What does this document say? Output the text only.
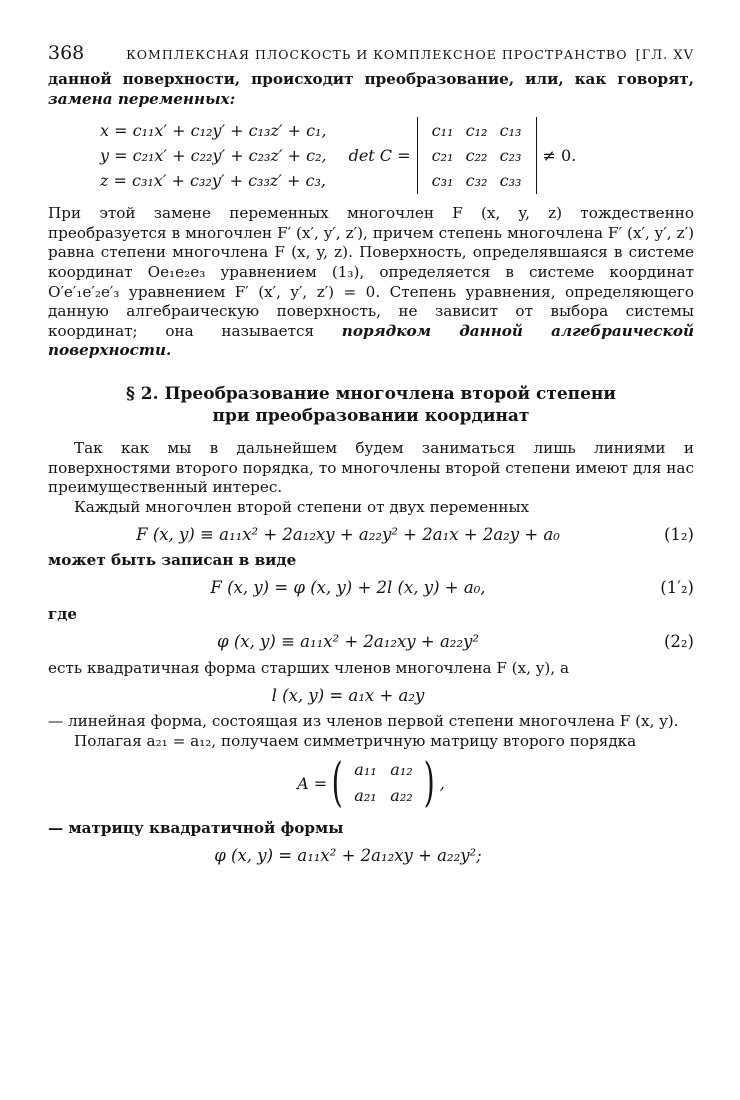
368	КОМПЛЕКСНАЯ ПЛОСКОСТЬ И КОМПЛЕКСНОЕ ПРОСТРАНСТВО [ГЛ. XV

данной поверхности, происходит преобразование, или, как говорят, замена переменных:

x = c₁₁x′ + c₁₂y′ + c₁₃z′ + c₁,
y = c₂₁x′ + c₂₂y′ + c₂₃z′ + c₂,
z = c₃₁x′ + c₃₂y′ + c₃₃z′ + c₃,
det C =
c₁₁ c₁₂ c₁₃
c₂₁ c₂₂ c₂₃
c₃₁ c₃₂ c₃₃
≠ 0.

При этой замене переменных многочлен F (x, y, z) тождественно преобразуется в многочлен F′ (x′, y′, z′), причем степень многочлена F′ (x′, y′, z′) равна степени многочлена F (x, y, z). Поверхность, определявшаяся в системе координат Oe₁e₂e₃ уравнением (1₃), определяется в системе координат O′e′₁e′₂e′₃ уравнением F′ (x′, y′, z′) = 0. Степень уравнения, определяющего данную алгебраическую поверхность, не зависит от выбора системы координат; она называется порядком данной алгебраической поверхности.

§ 2. Преобразование многочлена второй степени
при преобразовании координат

Так как мы в дальнейшем будем заниматься лишь линиями и поверхностями второго порядка, то многочлены второй степени имеют для нас преимущественный интерес.

Каждый многочлен второй степени от двух переменных

F (x, y) ≡ a₁₁x² + 2a₁₂xy + a₂₂y² + 2a₁x + 2a₂y + a₀	(1₂)

может быть записан в виде

F (x, y) = φ (x, y) + 2l (x, y) + a₀,	(1′₂)

где

φ (x, y) ≡ a₁₁x² + 2a₁₂xy + a₂₂y²	(2₂)

есть квадратичная форма старших членов многочлена F (x, y), а

l (x, y) = a₁x + a₂y

— линейная форма, состоящая из членов первой степени многочлена F (x, y).

Полагая a₂₁ = a₁₂, получаем симметричную матрицу второго порядка

A = ( a₁₁ a₁₂
a₂₁ a₂₂ ) ,

— матрицу квадратичной формы

φ (x, y) = a₁₁x² + 2a₁₂xy + a₂₂y²;
